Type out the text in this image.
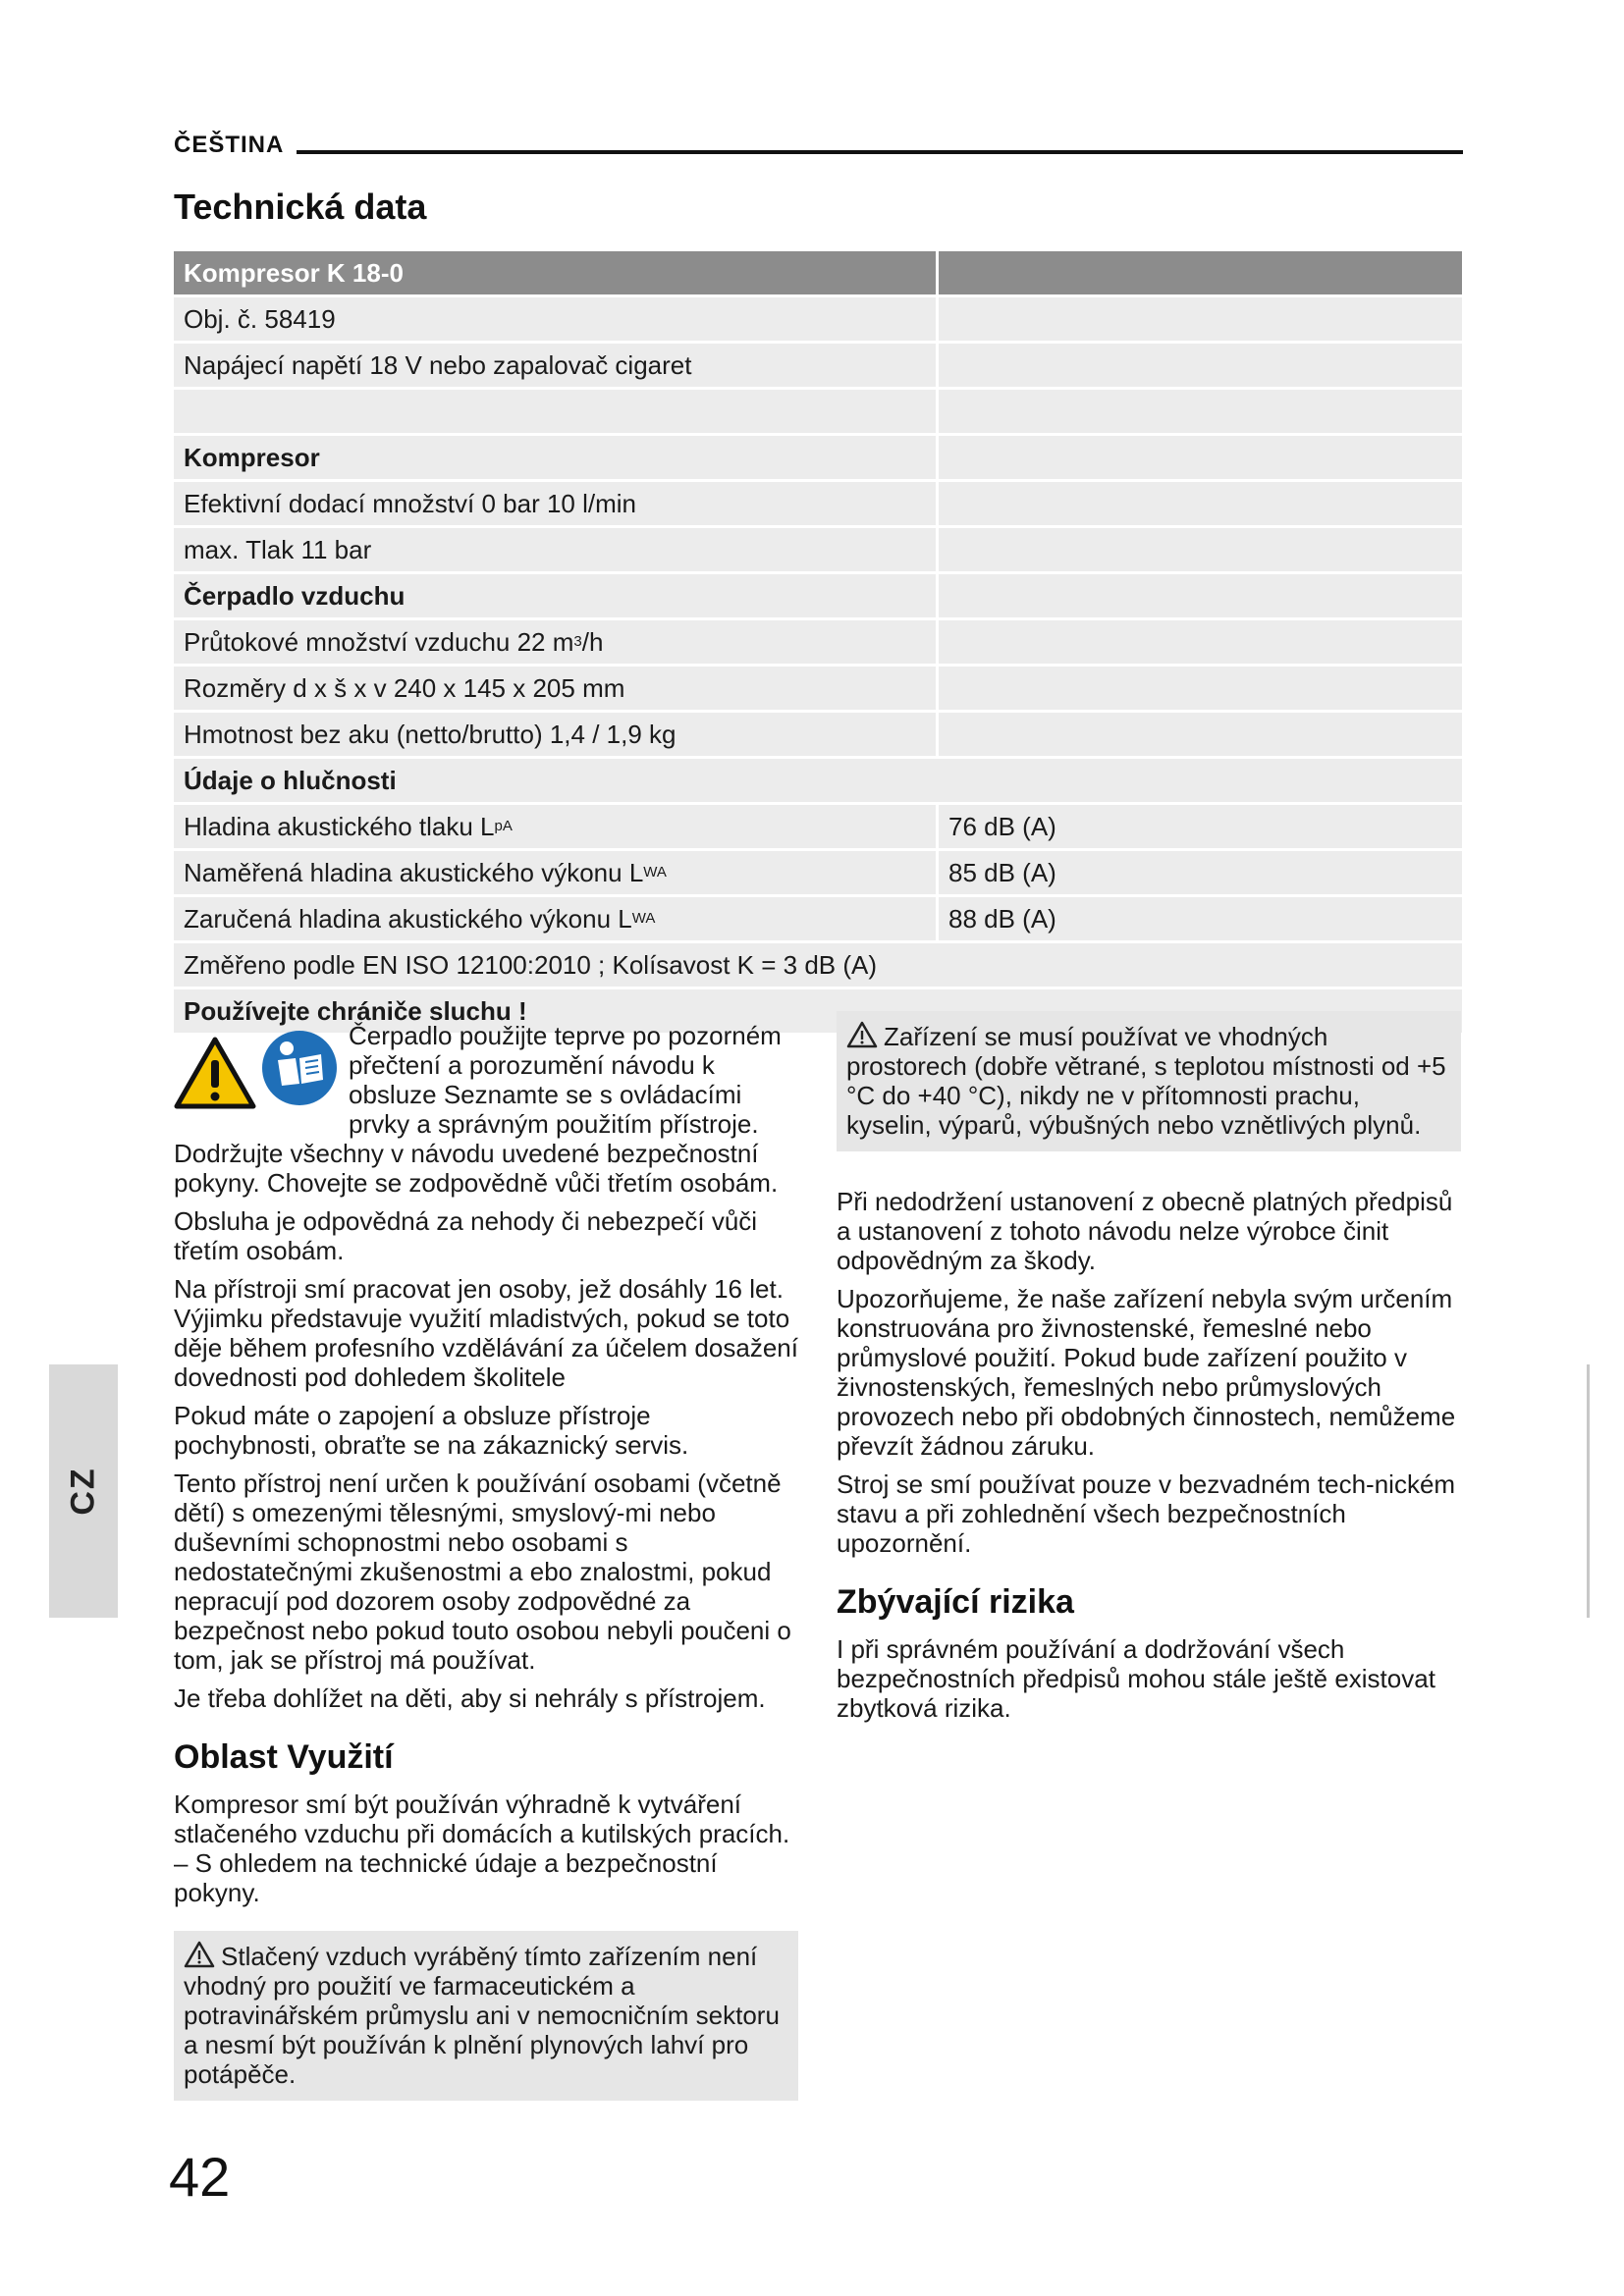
ČEŠTINA
Technická data
Kompresor K 18-0
Obj. č. 58419
Napájecí napětí 18 V nebo zapalovač cigaret
Kompresor
Efektivní dodací množství 0 bar 10 l/min
max. Tlak 11 bar
Čerpadlo vzduchu
Průtokové množství vzduchu 22 m 3 /h
Rozměry d x š x v 240 x 145 x 205 mm
Hmotnost bez aku (netto/brutto) 1,4 / 1,9 kg
Údaje o hlučnosti
Hladina akustického tlaku L pA	76 dB (A)
Naměřená hladina akustického výkonu L WA	85 dB (A)
Zaručená hladina akustického výkonu L WA	88 dB (A)
Změřeno podle EN ISO 12100:2010 ; Kolísavost K = 3 dB (A)
Používejte chrániče sluchu !

Čerpadlo použijte teprve po pozorném přečtení a porozumění návodu k obsluze Seznamte se s ovládacími prvky a správným použitím přístroje. Dodržujte všechny v návodu uvedené bezpečnostní pokyny. Chovejte se zodpovědně vůči třetím osobám.

Obsluha je odpovědná za nehody či nebezpečí vůči třetím osobám.

Na přístroji smí pracovat jen osoby, jež dosáhly 16 let. Výjimku představuje využití mladistvých, pokud se toto děje během profesního vzdělávání za účelem dosažení dovednosti pod dohledem školitele

Pokud máte o zapojení a obsluze přístroje pochybnosti, obraťte se na zákaznický servis.

Tento přístroj není určen k používání osobami (včetně dětí) s omezenými tělesnými, smyslový-mi nebo duševními schopnostmi nebo osobami s nedostatečnými zkušenostmi a ebo znalostmi, pokud nepracují pod dozorem osoby zodpovědné za bezpečnost nebo pokud touto osobou nebyli poučeni o tom, jak se přístroj má používat.

Je třeba dohlížet na děti, aby si nehrály s přístrojem.

Oblast Využití

Kompresor smí být používán výhradně k vytváření stlačeného vzduchu při domácích a kutilských pracích. – S ohledem na technické údaje a bezpečnostní pokyny.

Stlačený vzduch vyráběný tímto zařízením není vhodný pro použití ve farmaceutickém a potravinářském průmyslu ani v nemocničním sektoru a nesmí být používán k plnění plynových lahví pro potápěče.
Zařízení se musí používat ve vhodných prostorech (dobře větrané, s teplotou místnosti od +5 °C do +40 °C), nikdy ne v přítomnosti prachu, kyselin, výparů, výbušných nebo vznětlivých plynů.

Při nedodržení ustanovení z obecně platných předpisů a ustanovení z tohoto návodu nelze výrobce činit odpovědným za škody.

Upozorňujeme, že naše zařízení nebyla svým určením konstruována pro živnostenské, řemeslné nebo průmyslové použití. Pokud bude zařízení použito v živnostenských, řemeslných nebo průmyslových provozech nebo při obdobných činnostech, nemůžeme převzít žádnou záruku.

Stroj se smí používat pouze v bezvadném tech-nickém stavu a při zohlednění všech bezpečnostních upozornění.

Zbývající rizika

I při správném používání a dodržování všech bezpečnostních předpisů mohou stále ještě existovat zbytková rizika.

CZ
42
